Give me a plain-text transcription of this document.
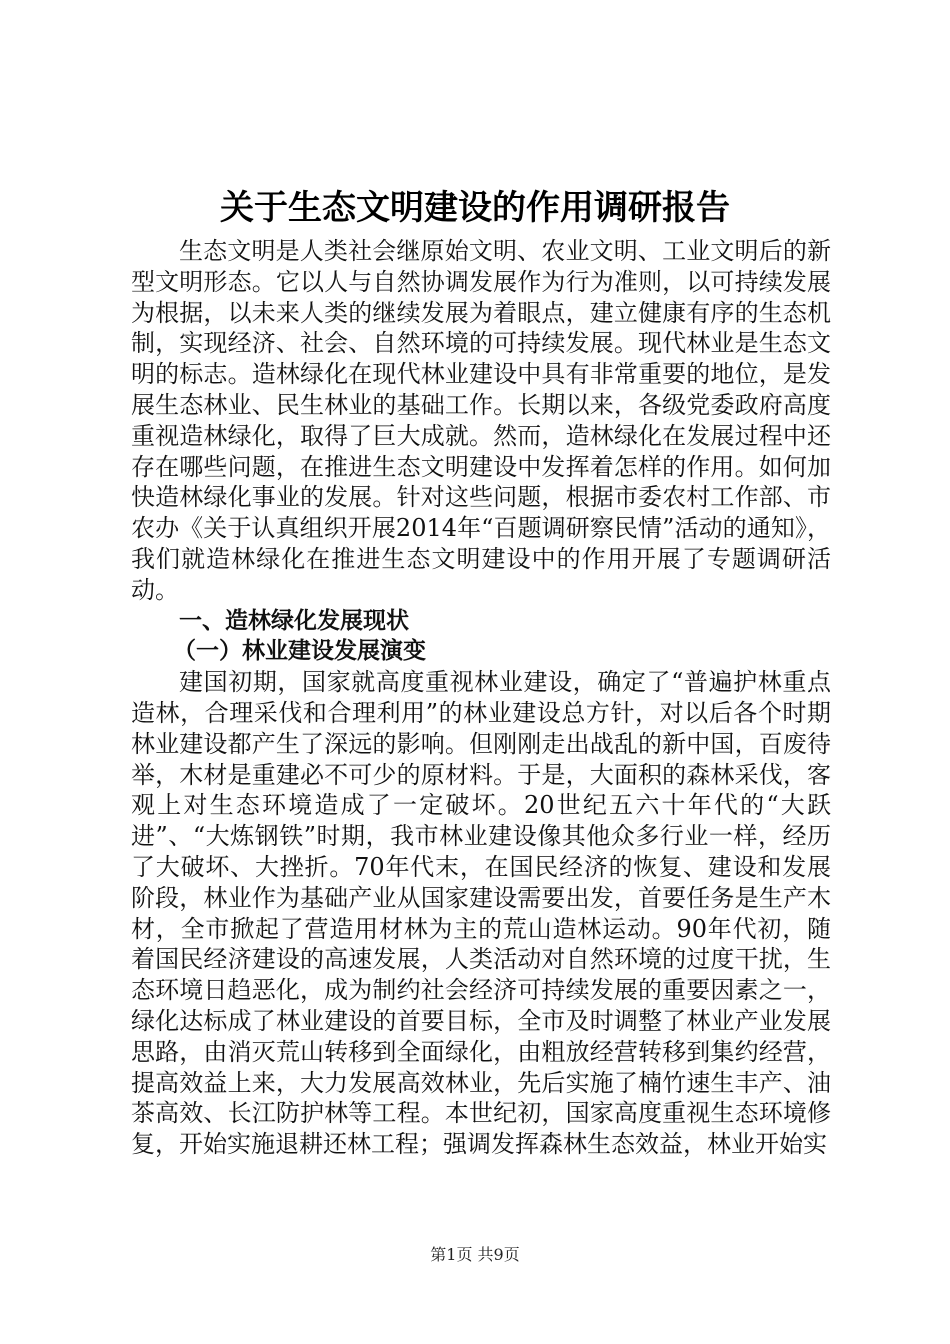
关于生态文明建设的作用调研报告

生态文明是人类社会继原始文明、农业文明、工业文明后的新型文明形态。它以人与自然协调发展作为行为准则，以可持续发展为根据，以未来人类的继续发展为着眼点，建立健康有序的生态机制，实现经济、社会、自然环境的可持续发展。现代林业是生态文明的标志。造林绿化在现代林业建设中具有非常重要的地位，是发展生态林业、民生林业的基础工作。长期以来，各级党委政府高度重视造林绿化，取得了巨大成就。然而，造林绿化在发展过程中还存在哪些问题，在推进生态文明建设中发挥着怎样的作用。如何加快造林绿化事业的发展。针对这些问题，根据市委农村工作部、市农办《关于认真组织开展2014年“百题调研察民情”活动的通知》，我们就造林绿化在推进生态文明建设中的作用开展了专题调研活动。

一、造林绿化发展现状

（一）林业建设发展演变

建国初期，国家就高度重视林业建设，确定了“普遍护林重点造林，合理采伐和合理利用”的林业建设总方针，对以后各个时期林业建设都产生了深远的影响。但刚刚走出战乱的新中国，百废待举，木材是重建必不可少的原材料。于是，大面积的森林采伐，客观上对生态环境造成了一定破坏。20世纪五六十年代的“大跃进”、“大炼钢铁”时期，我市林业建设像其他众多行业一样，经历了大破坏、大挫折。70年代末，在国民经济的恢复、建设和发展阶段，林业作为基础产业从国家建设需要出发，首要任务是生产木材，全市掀起了营造用材林为主的荒山造林运动。90年代初，随着国民经济建设的高速发展，人类活动对自然环境的过度干扰，生态环境日趋恶化，成为制约社会经济可持续发展的重要因素之一，绿化达标成了林业建设的首要目标，全市及时调整了林业产业发展思路，由消灭荒山转移到全面绿化，由粗放经营转移到集约经营，提高效益上来，大力发展高效林业，先后实施了楠竹速生丰产、油茶高效、长江防护林等工程。本世纪初，国家高度重视生态环境修复，开始实施退耕还林工程；强调发挥森林生态效益，林业开始实

第1页 共9页
